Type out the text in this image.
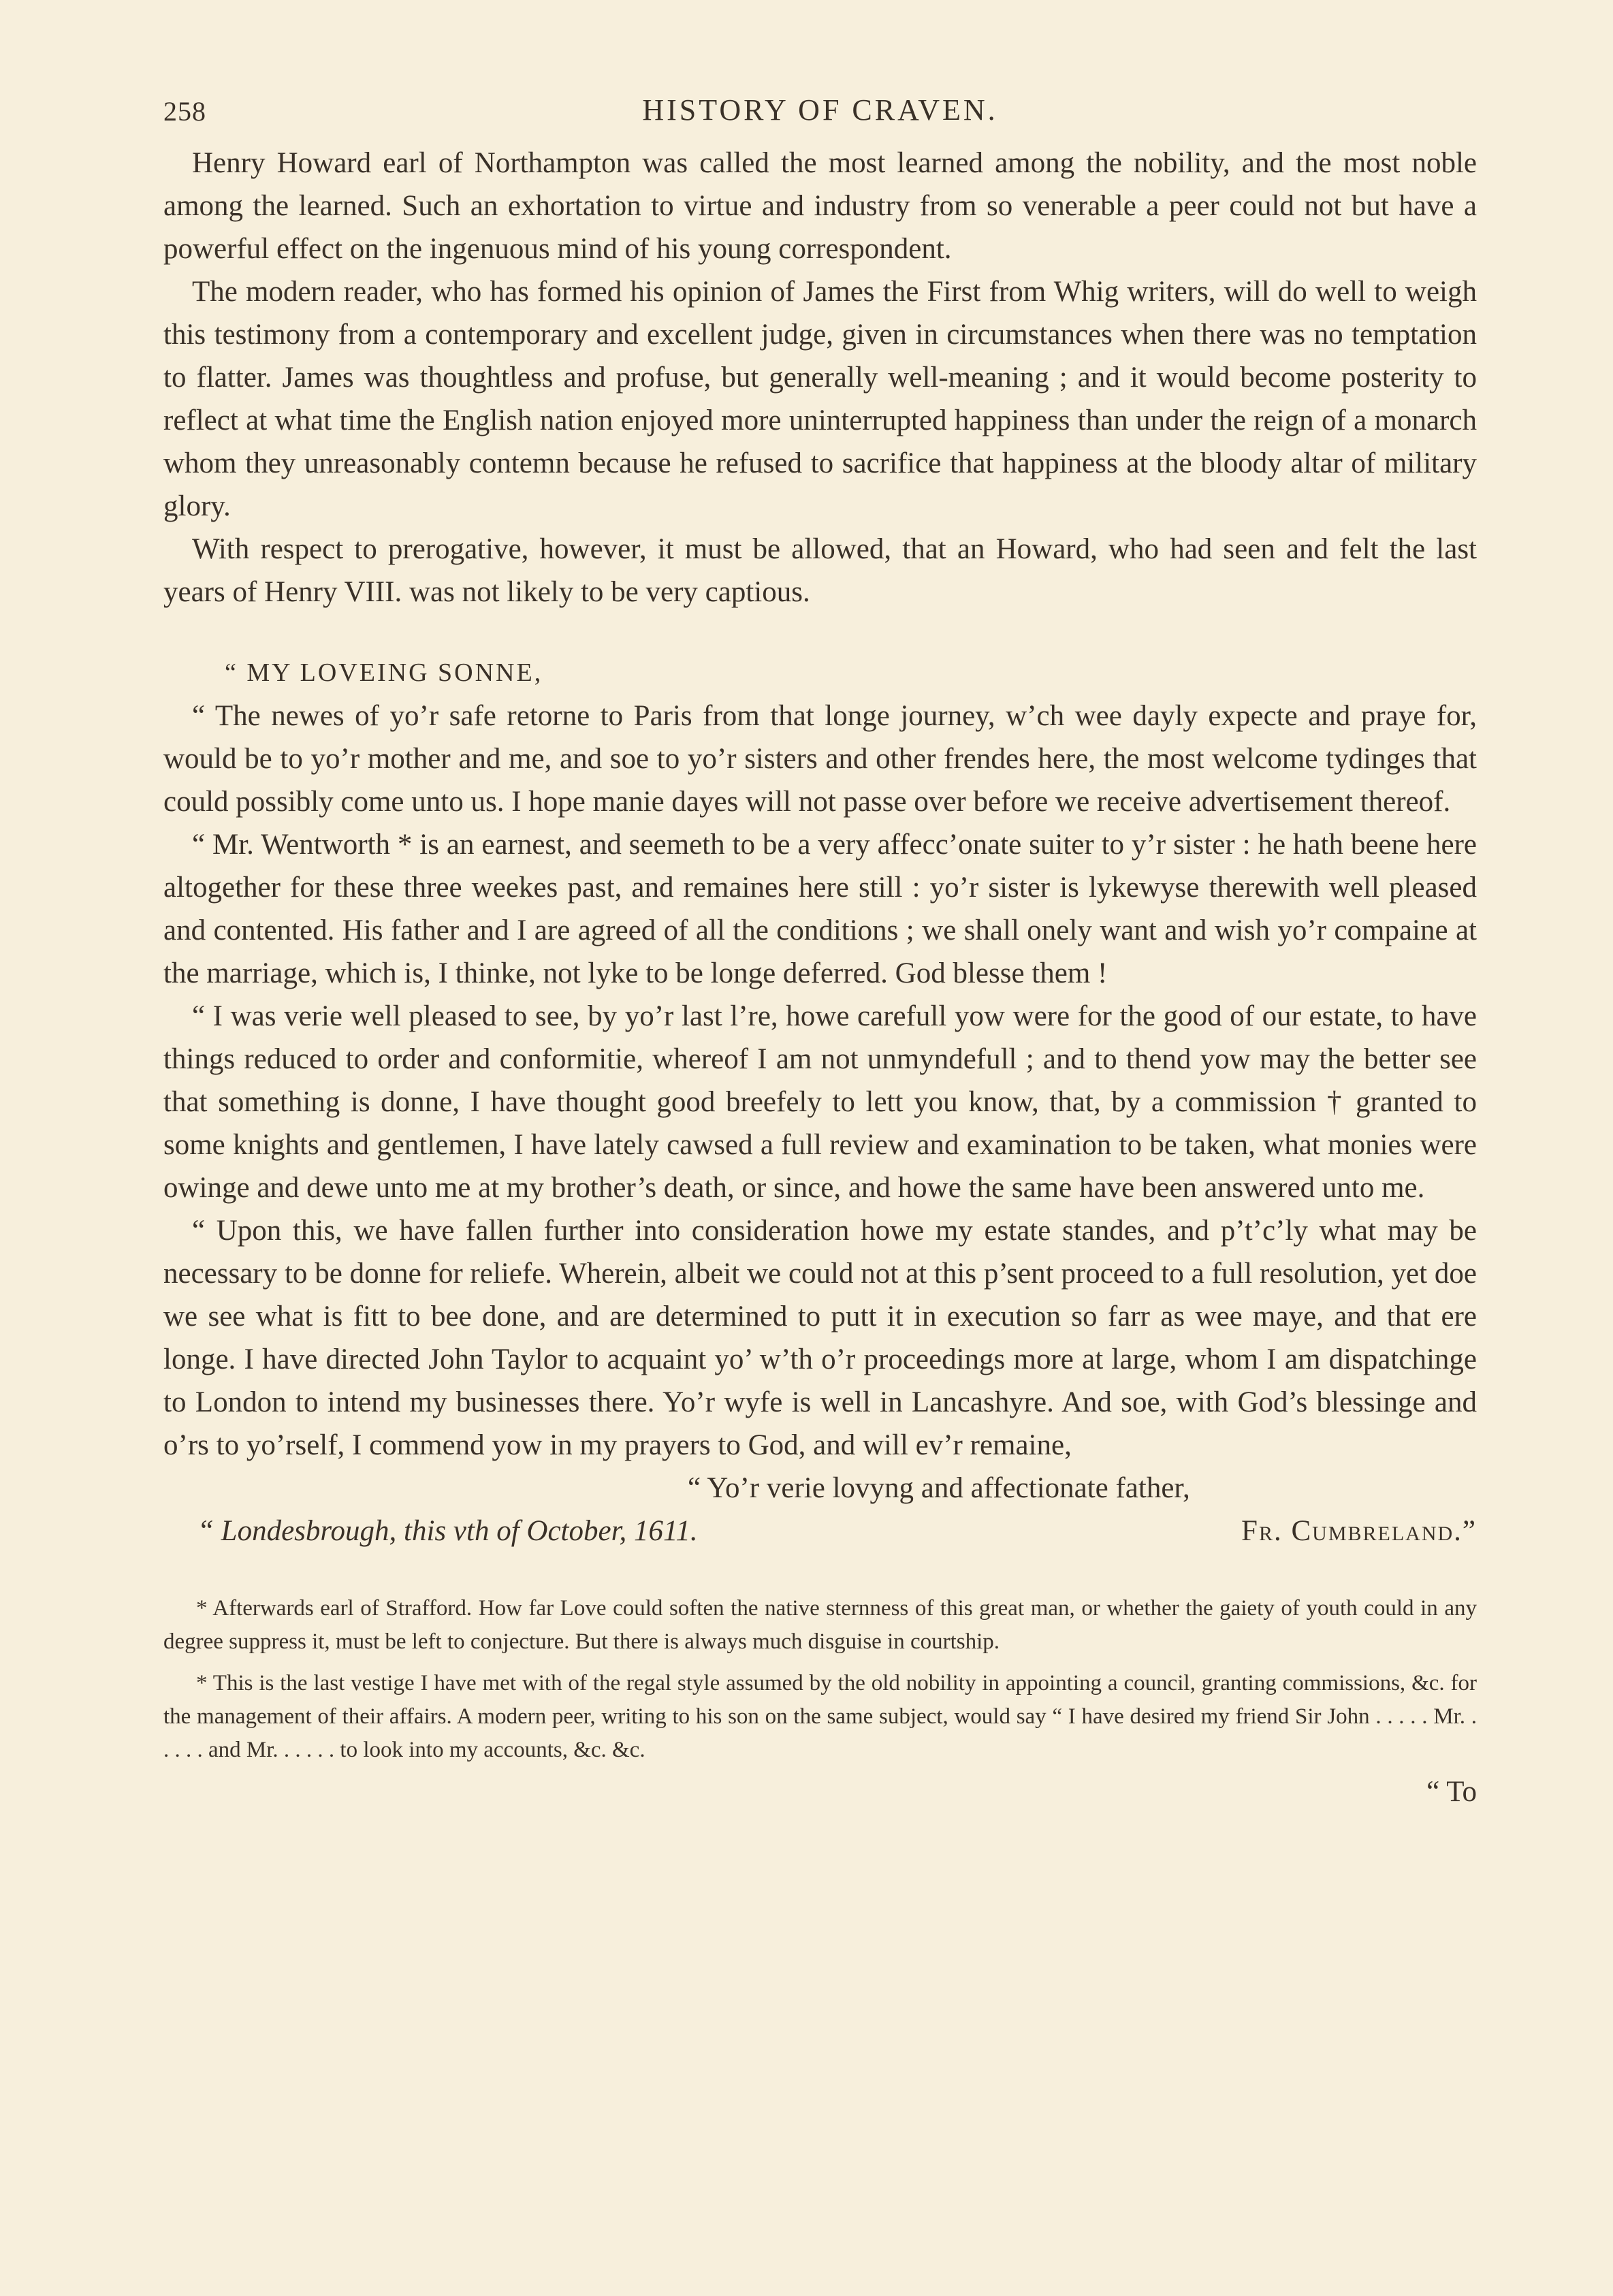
258	HISTORY OF CRAVEN.

Henry Howard earl of Northampton was called the most learned among the nobility, and the most noble among the learned. Such an exhortation to virtue and industry from so venerable a peer could not but have a powerful effect on the ingenuous mind of his young correspondent.

The modern reader, who has formed his opinion of James the First from Whig writers, will do well to weigh this testimony from a contemporary and excellent judge, given in circumstances when there was no temptation to flatter. James was thoughtless and profuse, but generally well-meaning ; and it would become posterity to reflect at what time the English nation enjoyed more uninterrupted happiness than under the reign of a monarch whom they unreasonably contemn because he refused to sacrifice that happiness at the bloody altar of military glory.

With respect to prerogative, however, it must be allowed, that an Howard, who had seen and felt the last years of Henry VIII. was not likely to be very captious.

“ MY LOVEING SONNE,

“ The newes of yo’r safe retorne to Paris from that longe journey, w’ch wee dayly expecte and praye for, would be to yo’r mother and me, and soe to yo’r sisters and other frendes here, the most welcome tydinges that could possibly come unto us. I hope manie dayes will not passe over before we receive advertisement thereof.

“ Mr. Wentworth * is an earnest, and seemeth to be a very affecc’onate suiter to y’r sister : he hath beene here altogether for these three weekes past, and remaines here still : yo’r sister is lykewyse therewith well pleased and contented. His father and I are agreed of all the conditions ; we shall onely want and wish yo’r compaine at the marriage, which is, I thinke, not lyke to be longe deferred. God blesse them !

“ I was verie well pleased to see, by yo’r last l’re, howe carefull yow were for the good of our estate, to have things reduced to order and conformitie, whereof I am not unmyndefull ; and to thend yow may the better see that something is donne, I have thought good breefely to lett you know, that, by a commission † granted to some knights and gentlemen, I have lately cawsed a full review and examination to be taken, what monies were owinge and dewe unto me at my brother’s death, or since, and howe the same have been answered unto me.

“ Upon this, we have fallen further into consideration howe my estate standes, and p’t’c’ly what may be necessary to be donne for reliefe. Wherein, albeit we could not at this p’sent proceed to a full resolution, yet doe we see what is fitt to bee done, and are determined to putt it in execution so farr as wee maye, and that ere longe. I have directed John Taylor to acquaint yo’ w’th o’r proceedings more at large, whom I am dispatchinge to London to intend my businesses there. Yo’r wyfe is well in Lancashyre. And soe, with God’s blessinge and o’rs to yo’rself, I commend yow in my prayers to God, and will ev’r remaine,

“ Yo’r verie lovyng and affectionate father,

“ Londesbrough, this vth of October, 1611.	Fr. Cumbreland.”

* Afterwards earl of Strafford. How far Love could soften the native sternness of this great man, or whether the gaiety of youth could in any degree suppress it, must be left to conjecture. But there is always much disguise in courtship.

* This is the last vestige I have met with of the regal style assumed by the old nobility in appointing a council, granting commissions, &c. for the management of their affairs. A modern peer, writing to his son on the same subject, would say “ I have desired my friend Sir John . . . . . Mr. . . . . . and Mr. . . . . . to look into my accounts, &c. &c.

“ To
